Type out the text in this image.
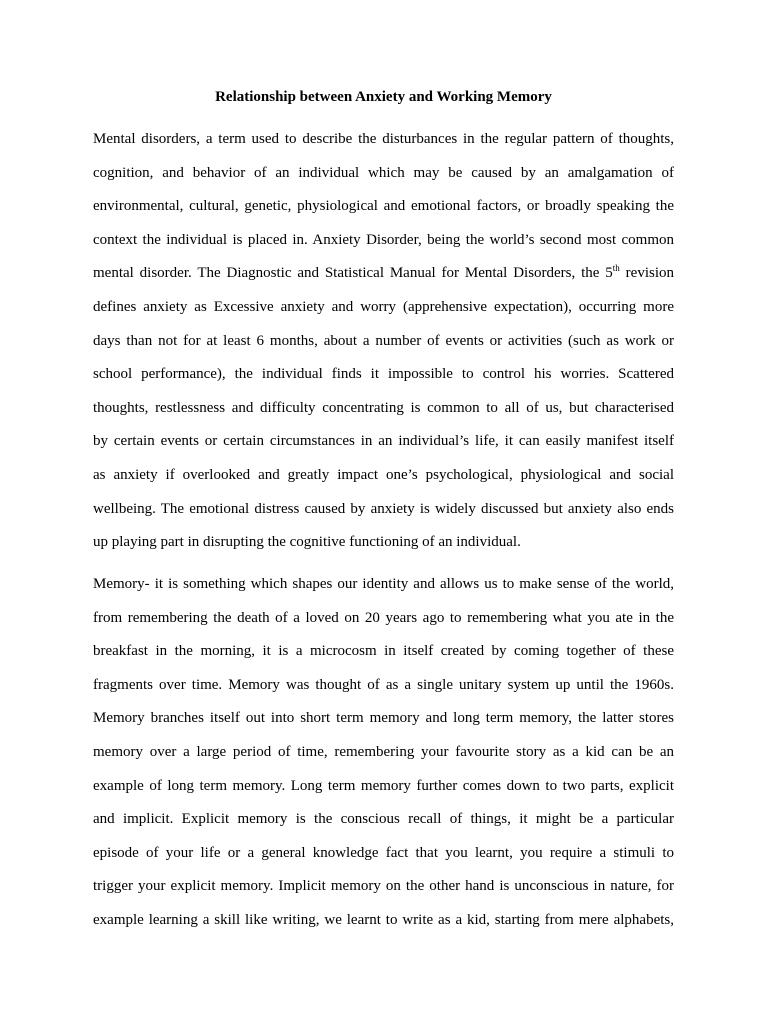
Relationship between Anxiety and Working Memory
Mental disorders, a term used to describe the disturbances in the regular pattern of thoughts,
cognition, and behavior of an individual which may be caused by an amalgamation of
environmental, cultural, genetic, physiological and emotional factors, or broadly speaking the
context the individual is placed in. Anxiety Disorder, being the world’s second most common
mental disorder. The Diagnostic and Statistical Manual for Mental Disorders, the 5th revision
defines anxiety as Excessive anxiety and worry (apprehensive expectation), occurring more
days than not for at least 6 months, about a number of events or activities (such as work or
school performance), the individual finds it impossible to control his worries. Scattered
thoughts, restlessness and difficulty concentrating is common to all of us, but characterised
by certain events or certain circumstances in an individual’s life, it can easily manifest itself
as anxiety if overlooked and greatly impact one’s psychological, physiological and social
wellbeing. The emotional distress caused by anxiety is widely discussed but anxiety also ends
up playing part in disrupting the cognitive functioning of an individual.
Memory- it is something which shapes our identity and allows us to make sense of the world,
from remembering the death of a loved on 20 years ago to remembering what you ate in the
breakfast in the morning, it is a microcosm in itself created by coming together of these
fragments over time. Memory was thought of as a single unitary system up until the 1960s.
Memory branches itself out into short term memory and long term memory, the latter stores
memory over a large period of time, remembering your favourite story as a kid can be an
example of long term memory. Long term memory further comes down to two parts, explicit
and implicit. Explicit memory is the conscious recall of things, it might be a particular
episode of your life or a general knowledge fact that you learnt, you require a stimuli to
trigger your explicit memory. Implicit memory on the other hand is unconscious in nature, for
example learning a skill like writing, we learnt to write as a kid, starting from mere alphabets,
